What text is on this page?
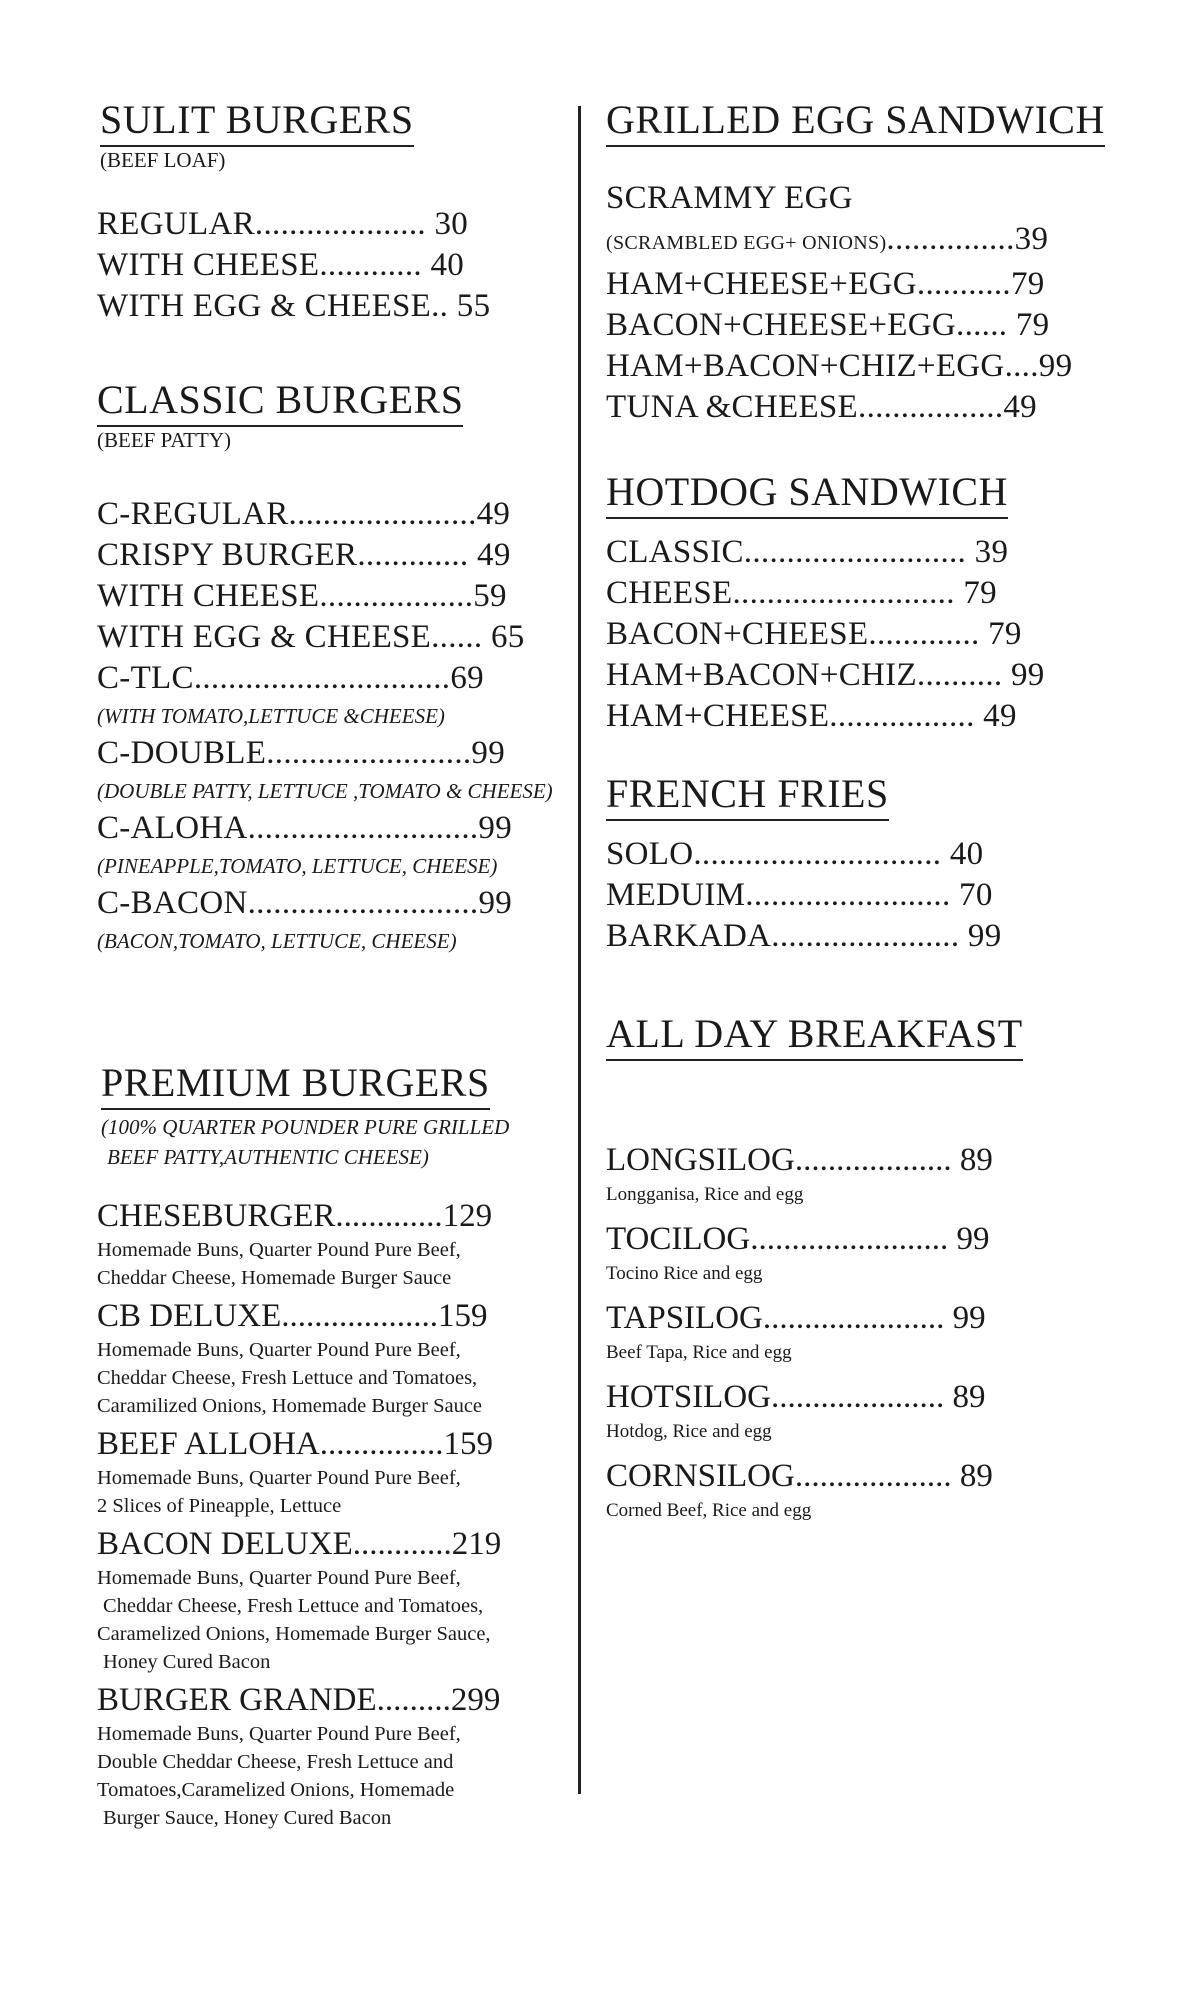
SULIT BURGERS
(BEEF LOAF)
REGULAR.................... 30
WITH CHEESE............ 40
WITH EGG & CHEESE.. 55
CLASSIC BURGERS
(BEEF PATTY)
C-REGULAR......................49
CRISPY BURGER............. 49
WITH CHEESE..................59
WITH EGG & CHEESE...... 65
C-TLC..............................69
(WITH TOMATO,LETTUCE &CHEESE)
C-DOUBLE........................99
(DOUBLE PATTY, LETTUCE ,TOMATO & CHEESE)
C-ALOHA...........................99
(PINEAPPLE,TOMATO, LETTUCE, CHEESE)
C-BACON...........................99
(BACON,TOMATO, LETTUCE, CHEESE)
PREMIUM BURGERS
(100% QUARTER POUNDER PURE GRILLED
BEEF PATTY,AUTHENTIC CHEESE)
CHESEBURGER.............129
Homemade Buns, Quarter Pound Pure Beef,
Cheddar Cheese, Homemade Burger Sauce
CB DELUXE...................159
Homemade Buns, Quarter Pound Pure Beef,
Cheddar Cheese, Fresh Lettuce and Tomatoes,
Caramilized Onions, Homemade Burger Sauce
BEEF ALLOHA...............159
Homemade Buns, Quarter Pound Pure Beef,
2 Slices of Pineapple, Lettuce
BACON DELUXE............219
Homemade Buns, Quarter Pound Pure Beef,
Cheddar Cheese, Fresh Lettuce and Tomatoes,
Caramelized Onions, Homemade Burger Sauce,
Honey Cured Bacon
BURGER GRANDE.........299
Homemade Buns, Quarter Pound Pure Beef,
Double Cheddar Cheese, Fresh Lettuce and
Tomatoes,Caramelized Onions, Homemade
Burger Sauce, Honey Cured Bacon
GRILLED EGG SANDWICH
SCRAMMY EGG
(SCRAMBLED EGG+ ONIONS)...............39
HAM+CHEESE+EGG...........79
BACON+CHEESE+EGG...... 79
HAM+BACON+CHIZ+EGG....99
TUNA &CHEESE.................49
HOTDOG SANDWICH
CLASSIC.......................... 39
CHEESE.......................... 79
BACON+CHEESE............. 79
HAM+BACON+CHIZ.......... 99
HAM+CHEESE................. 49
FRENCH FRIES
SOLO............................. 40
MEDUIM........................ 70
BARKADA...................... 99
ALL DAY BREAKFAST
LONGSILOG................... 89
Longganisa, Rice and egg
TOCILOG........................ 99
Tocino Rice and egg
TAPSILOG...................... 99
Beef Tapa, Rice and egg
HOTSILOG..................... 89
Hotdog, Rice and egg
CORNSILOG................... 89
Corned Beef, Rice and egg
